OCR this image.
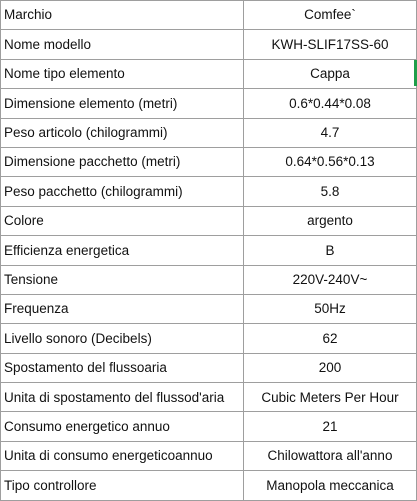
Marchio	Comfee`
Nome modello	KWH-SLIF17SS-60
Nome tipo elemento	Cappa
Dimensione elemento (metri)	0.6*0.44*0.08
Peso articolo (chilogrammi)	4.7
Dimensione pacchetto (metri)	0.64*0.56*0.13
Peso pacchetto (chilogrammi)	5.8
Colore	argento
Efficienza energetica	B
Tensione	220V-240V~
Frequenza	50Hz
Livello sonoro (Decibels)	62
Spostamento del flussoaria	200
Unita di spostamento del flussod'aria	Cubic Meters Per Hour
Consumo energetico annuo	21
Unita di consumo energeticoannuo	Chilowattora all'anno
Tipo controllore	Manopola meccanica
